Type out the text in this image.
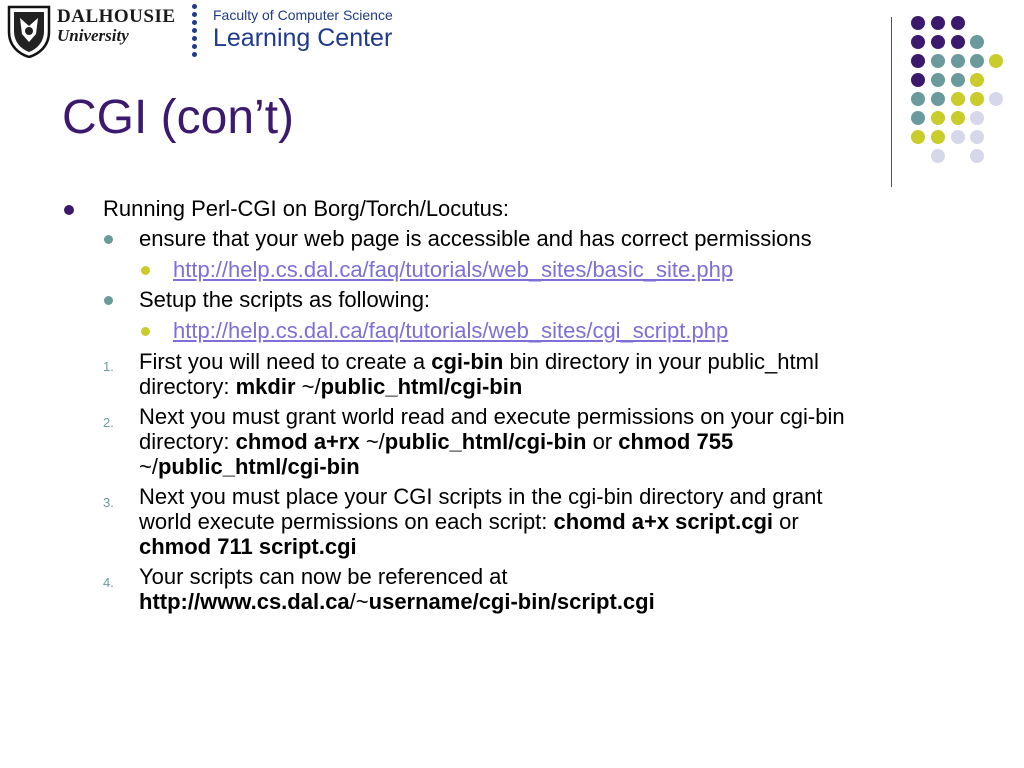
DALHOUSIE
University
Faculty of Computer Science
Learning Center
CGI (con’t)
Running Perl-CGI on Borg/Torch/Locutus:
ensure that your web page is accessible and has correct permissions
http://help.cs.dal.ca/faq/tutorials/web_sites/basic_site.php
Setup the scripts as following:
http://help.cs.dal.ca/faq/tutorials/web_sites/cgi_script.php
1. First you will need to create a cgi-bin bin directory in your public_html
directory: mkdir ~/public_html/cgi-bin
2. Next you must grant world read and execute permissions on your cgi-bin
directory: chmod a+rx ~/public_html/cgi-bin or chmod 755
~/public_html/cgi-bin
3. Next you must place your CGI scripts in the cgi-bin directory and grant
world execute permissions on each script: chomd a+x script.cgi or
chmod 711 script.cgi
4. Your scripts can now be referenced at
http://www.cs.dal.ca/~username/cgi-bin/script.cgi
